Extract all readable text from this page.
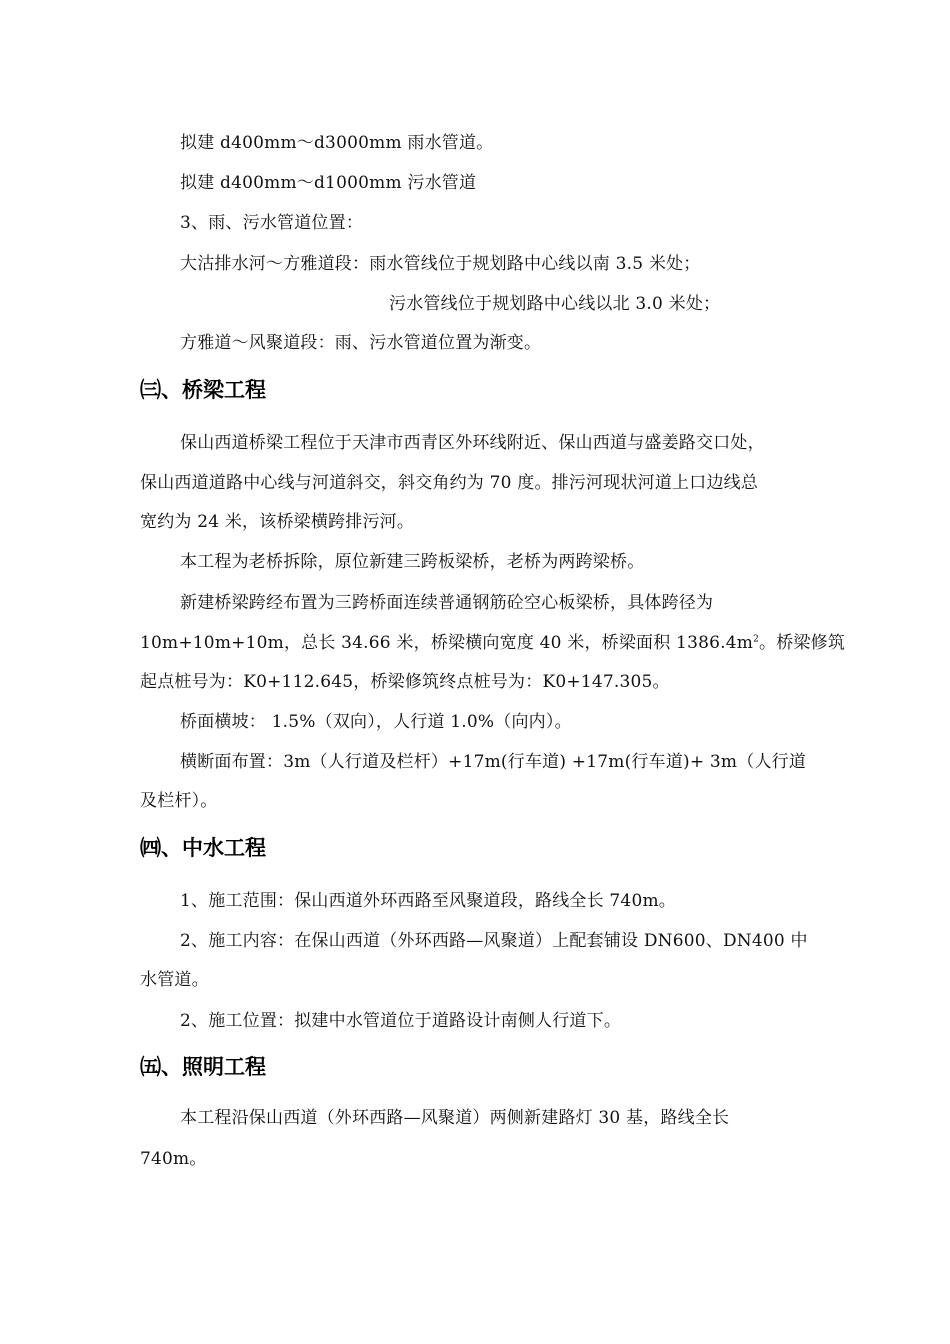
拟建 d400mm～d3000mm 雨水管道。
拟建 d400mm～d1000mm 污水管道
3、雨、污水管道位置：
大沽排水河～方雅道段：雨水管线位于规划路中心线以南 3.5 米处；
污水管线位于规划路中心线以北 3.0 米处；
方雅道～风聚道段：雨、污水管道位置为渐变。
㈢、桥梁工程
保山西道桥梁工程位于天津市西青区外环线附近、保山西道与盛姜路交口处，
保山西道道路中心线与河道斜交，斜交角约为 70 度。排污河现状河道上口边线总
宽约为 24 米，该桥梁横跨排污河。
本工程为老桥拆除，原位新建三跨板梁桥，老桥为两跨梁桥。
新建桥梁跨经布置为三跨桥面连续普通钢筋砼空心板梁桥，具体跨径为
10m+10m+10m，总长 34.66 米，桥梁横向宽度 40 米，桥梁面积 $1386.4m^2$。桥梁修筑
起点桩号为：K0+112.645，桥梁修筑终点桩号为：K0+147.305。
桥面横坡： 1.5%（双向），人行道 1.0%（向内）。
横断面布置：3m（人行道及栏杆）+17m(行车道) +17m(行车道)+ 3m（人行道
及栏杆）。
㈣、中水工程
1、施工范围：保山西道外环西路至风聚道段，路线全长 740m。
2、施工内容：在保山西道（外环西路—风聚道）上配套铺设 DN600、DN400 中
水管道。
2、施工位置：拟建中水管道位于道路设计南侧人行道下。
㈤、照明工程
本工程沿保山西道（外环西路—风聚道）两侧新建路灯 30 基，路线全长
740m。
